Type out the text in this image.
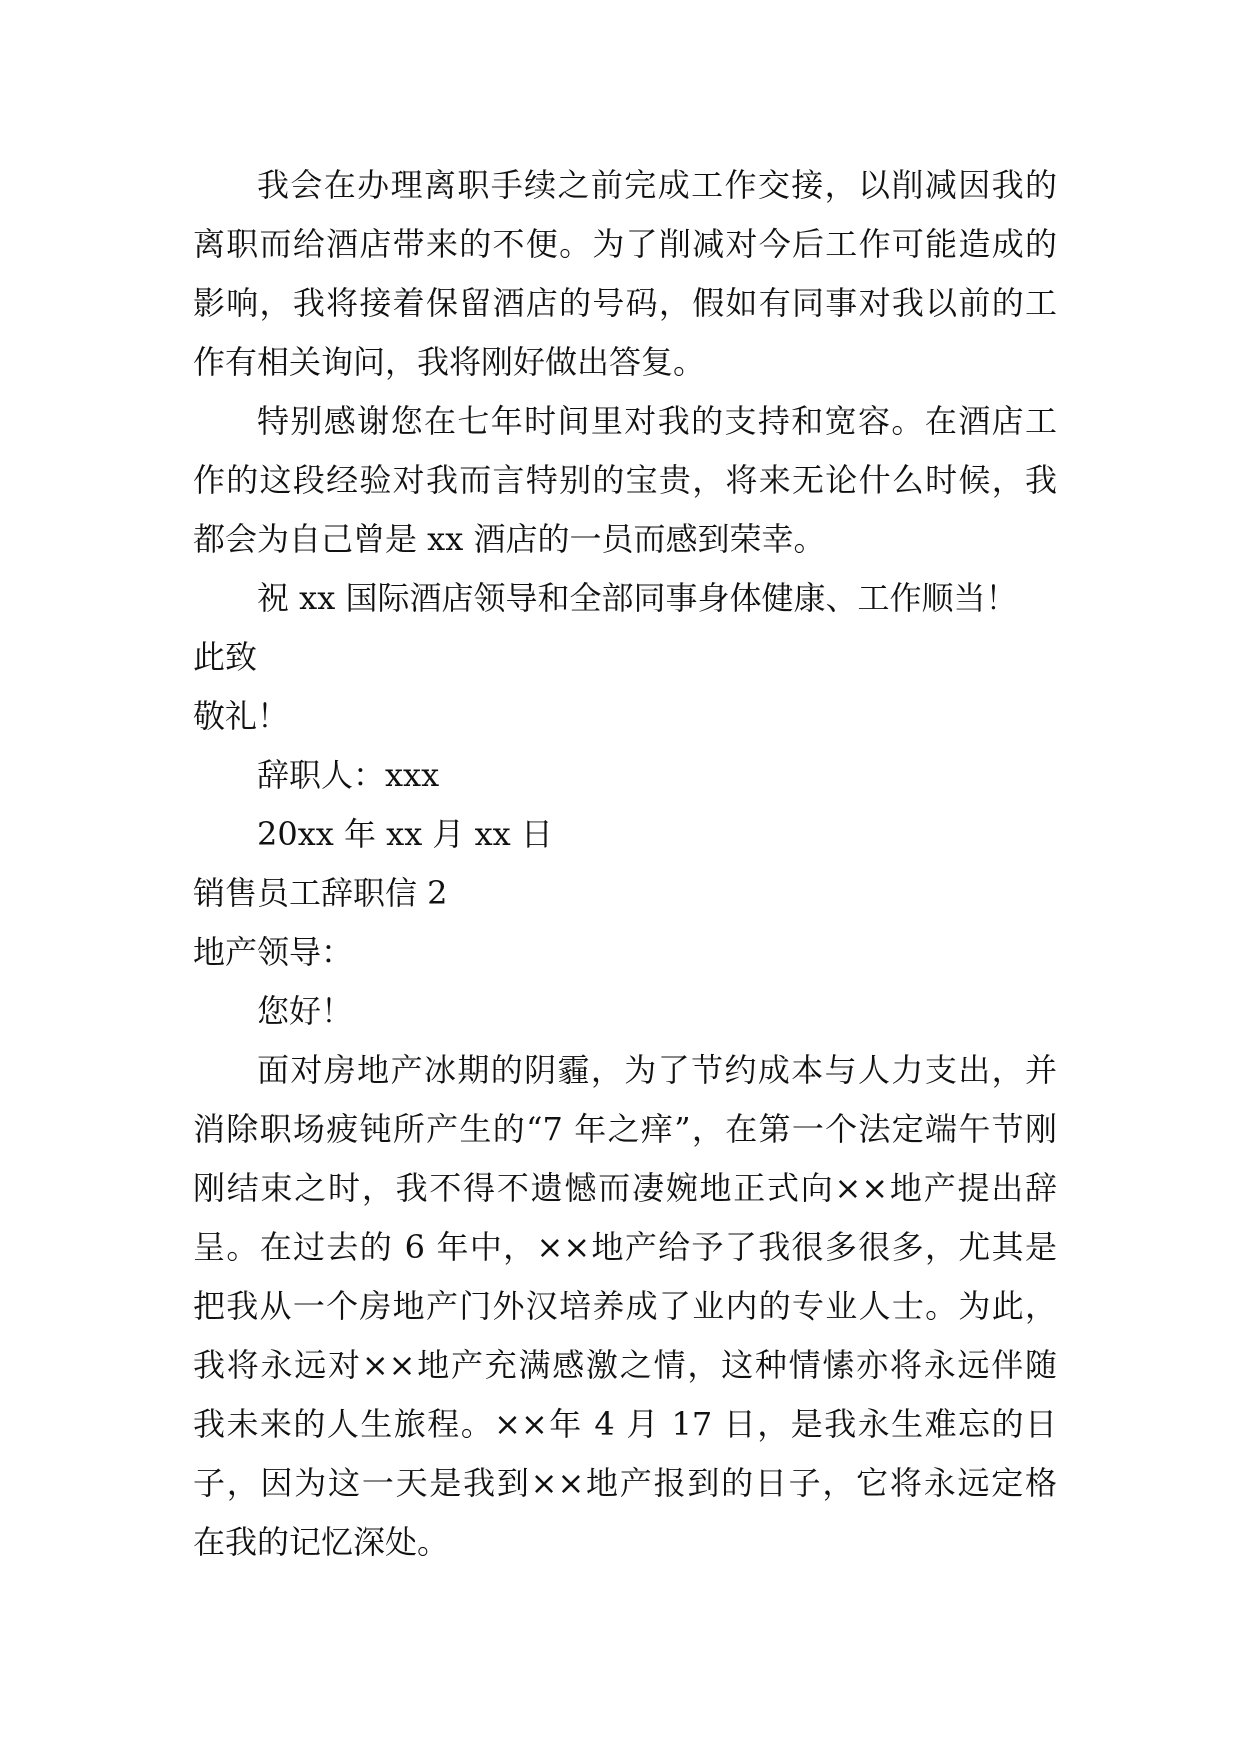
我会在办理离职手续之前完成工作交接，以削减因我的
离职而给酒店带来的不便。为了削减对今后工作可能造成的
影响，我将接着保留酒店的号码，假如有同事对我以前的工
作有相关询问，我将刚好做出答复。
特别感谢您在七年时间里对我的支持和宽容。在酒店工
作的这段经验对我而言特别的宝贵，将来无论什么时候，我
都会为自己曾是 xx 酒店的一员而感到荣幸。
祝 xx 国际酒店领导和全部同事身体健康、工作顺当！
此致
敬礼！
辞职人：xxx
20xx 年 xx 月 xx 日
销售员工辞职信 2
地产领导：
您好！
面对房地产冰期的阴霾，为了节约成本与人力支出，并
消除职场疲钝所产生的“7 年之痒”，在第一个法定端午节刚
刚结束之时，我不得不遗憾而凄婉地正式向××地产提出辞
呈。在过去的 6 年中，××地产给予了我很多很多，尤其是
把我从一个房地产门外汉培养成了业内的专业人士。为此，
我将永远对××地产充满感激之情，这种情愫亦将永远伴随
我未来的人生旅程。××年 4 月 17 日，是我永生难忘的日
子，因为这一天是我到××地产报到的日子，它将永远定格
在我的记忆深处。
